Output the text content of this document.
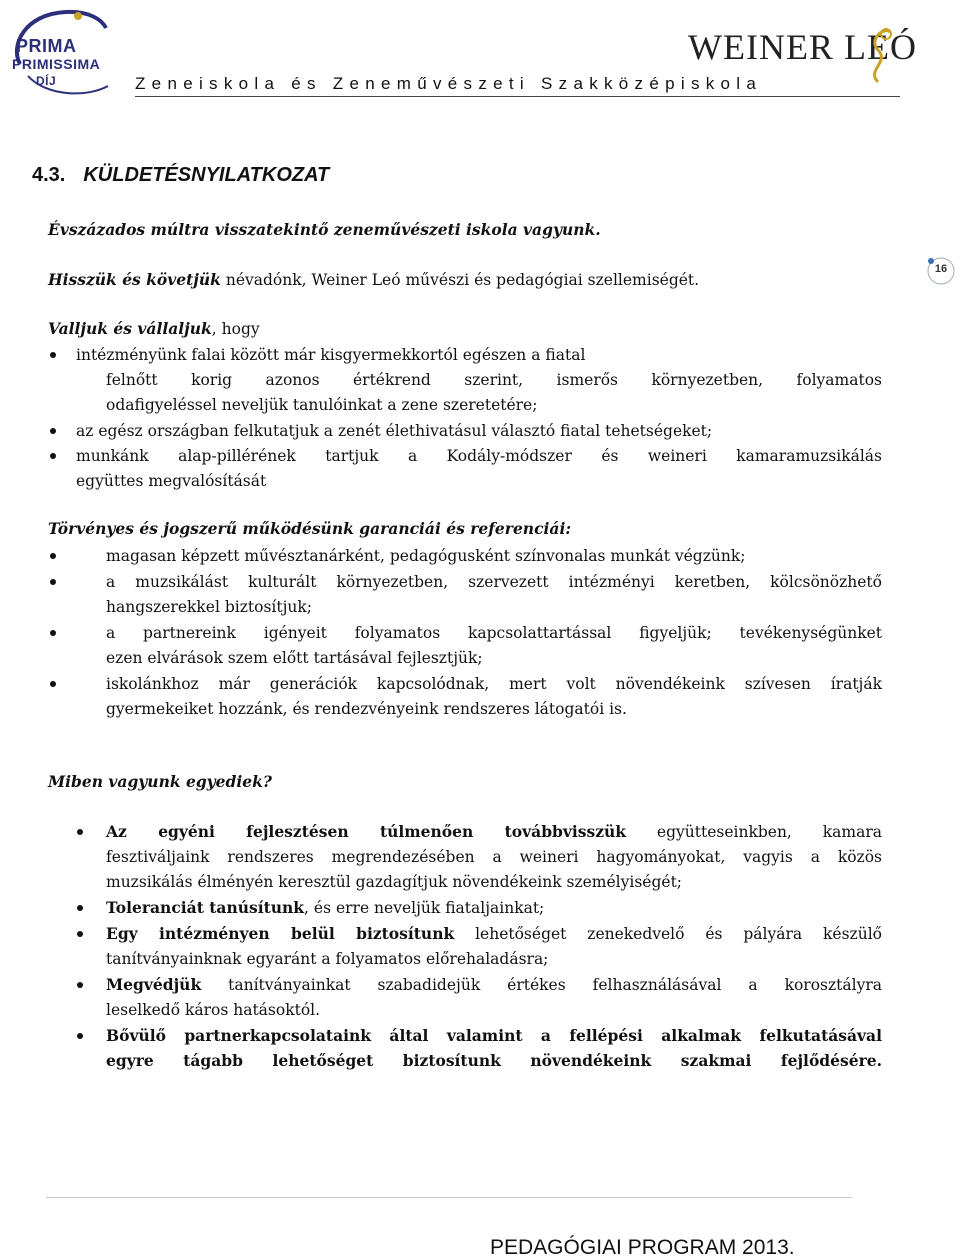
PRIMA
PRIMISSIMA
DÍJ
WEINER LEÓ
Zeneiskola és Zeneművészeti Szakközépiskola
16
4.3. KÜLDETÉSNYILATKOZAT
Évszázados múltra visszatekintő zeneművészeti iskola vagyunk.
Hisszük és követjük névadónk, Weiner Leó művészi és pedagógiai szellemiségét.
Valljuk és vállaljuk, hogy
intézményünk falai között már kisgyermekkortól egészen a fiatal
felnőtt korig azonos értékrend szerint, ismerős környezetben, folyamatos
odafigyeléssel neveljük tanulóinkat a zene szeretetére;
az egész országban felkutatjuk a zenét élethivatásul választó fiatal tehetségeket;
munkánk alap-pillérének tartjuk a Kodály-módszer és weineri kamaramuzsikálás
együttes megvalósítását
Törvényes és jogszerű működésünk garanciái és referenciái:
magasan képzett művésztanárként, pedagógusként színvonalas munkát végzünk;
a muzsikálást kulturált környezetben, szervezett intézményi keretben, kölcsönözhető
hangszerekkel biztosítjuk;
a partnereink igényeit folyamatos kapcsolattartással figyeljük; tevékenységünket
ezen elvárások szem előtt tartásával fejlesztjük;
iskolánkhoz már generációk kapcsolódnak, mert volt növendékeink szívesen íratják
gyermekeiket hozzánk, és rendezvényeink rendszeres látogatói is.
Miben vagyunk egyediek?
Az egyéni fejlesztésen túlmenően továbbvisszük együtteseinkben, kamara
fesztiváljaink rendszeres megrendezésében a weineri hagyományokat, vagyis a közös
muzsikálás élményén keresztül gazdagítjuk növendékeink személyiségét;
Toleranciát tanúsítunk, és erre neveljük fiataljainkat;
Egy intézményen belül biztosítunk lehetőséget zenekedvelő és pályára készülő
tanítványainknak egyaránt a folyamatos előrehaladásra;
Megvédjük tanítványainkat szabadidejük értékes felhasználásával a korosztályra
leselkedő káros hatásoktól.
Bővülő partnerkapcsolataink által valamint a fellépési alkalmak felkutatásával
egyre tágabb lehetőséget biztosítunk növendékeink szakmai fejlődésére.
PEDAGÓGIAI PROGRAM 2013.
